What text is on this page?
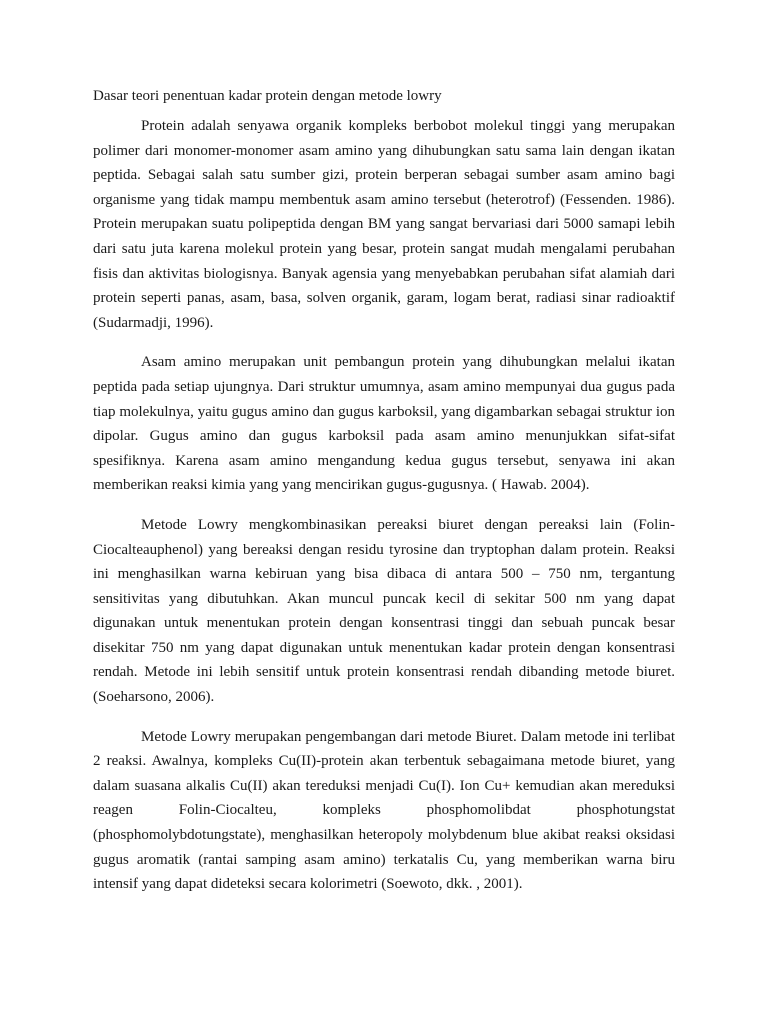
Dasar teori penentuan kadar protein dengan metode lowry

Protein adalah senyawa organik kompleks berbobot molekul tinggi yang merupakan polimer dari monomer-monomer asam amino yang dihubungkan satu sama lain dengan ikatan peptida. Sebagai salah satu sumber gizi, protein berperan sebagai sumber asam amino bagi organisme yang tidak mampu membentuk asam amino tersebut (heterotrof) (Fessenden. 1986). Protein merupakan suatu polipeptida dengan BM yang sangat bervariasi dari 5000 samapi lebih dari satu juta karena molekul protein yang besar, protein sangat mudah mengalami perubahan fisis dan aktivitas biologisnya. Banyak agensia yang menyebabkan perubahan sifat alamiah dari protein seperti panas, asam, basa, solven organik, garam, logam berat, radiasi sinar radioaktif (Sudarmadji, 1996).

Asam amino merupakan unit pembangun protein yang dihubungkan melalui ikatan peptida pada setiap ujungnya. Dari struktur umumnya, asam amino mempunyai dua gugus pada tiap molekulnya, yaitu gugus amino dan gugus karboksil, yang digambarkan sebagai struktur ion dipolar. Gugus amino dan gugus karboksil pada asam amino menunjukkan sifat-sifat spesifiknya. Karena asam amino mengandung kedua gugus tersebut, senyawa ini akan memberikan reaksi kimia yang yang mencirikan gugus-gugusnya. ( Hawab. 2004).

Metode Lowry mengkombinasikan pereaksi biuret dengan pereaksi lain (Folin-Ciocalteauphenol) yang bereaksi dengan residu tyrosine dan tryptophan dalam protein. Reaksi ini menghasilkan warna kebiruan yang bisa dibaca di antara 500 – 750 nm, tergantung sensitivitas yang dibutuhkan. Akan muncul puncak kecil di sekitar 500 nm yang dapat digunakan untuk menentukan protein dengan konsentrasi tinggi dan sebuah puncak besar disekitar 750 nm yang dapat digunakan untuk menentukan kadar protein dengan konsentrasi rendah. Metode ini lebih sensitif untuk protein konsentrasi rendah dibanding metode biuret. (Soeharsono, 2006).

Metode Lowry merupakan pengembangan dari metode Biuret. Dalam metode ini terlibat 2 reaksi. Awalnya, kompleks Cu(II)-protein akan terbentuk sebagaimana metode biuret, yang dalam suasana alkalis Cu(II) akan tereduksi menjadi Cu(I). Ion Cu+ kemudian akan mereduksi reagen Folin-Ciocalteu, kompleks phosphomolibdat phosphotungstat (phosphomolybdotungstate), menghasilkan heteropoly molybdenum blue akibat reaksi oksidasi gugus aromatik (rantai samping asam amino) terkatalis Cu, yang memberikan warna biru intensif yang dapat dideteksi secara kolorimetri (Soewoto, dkk. , 2001).
